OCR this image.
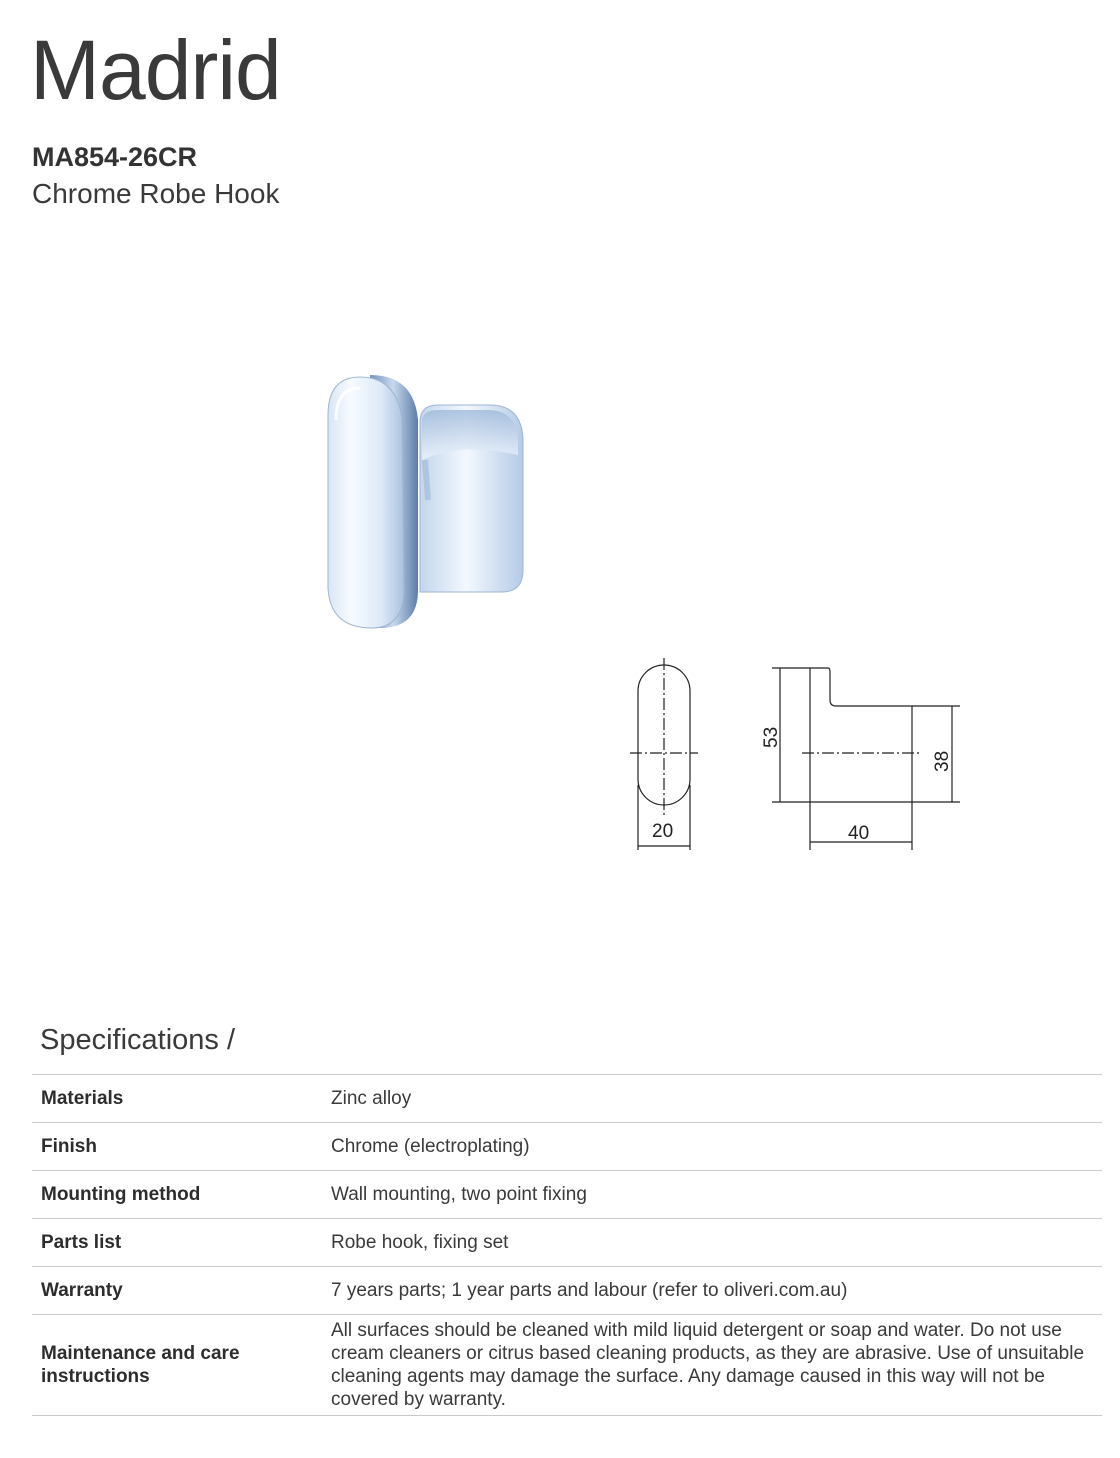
Madrid
MA854-26CR
Chrome Robe Hook
20	40
53
38
Specifications /
Materials	Zinc alloy
Finish	Chrome (electroplating)
Mounting method	Wall mounting, two point fixing
Parts list	Robe hook, fixing set
Warranty	7 years parts; 1 year parts and labour (refer to oliveri.com.au)
Maintenance and care instructions	All surfaces should be cleaned with mild liquid detergent or soap and water. Do not use cream cleaners or citrus based cleaning products, as they are abrasive. Use of unsuitable cleaning agents may damage the surface. Any damage caused in this way will not be covered by warranty.
